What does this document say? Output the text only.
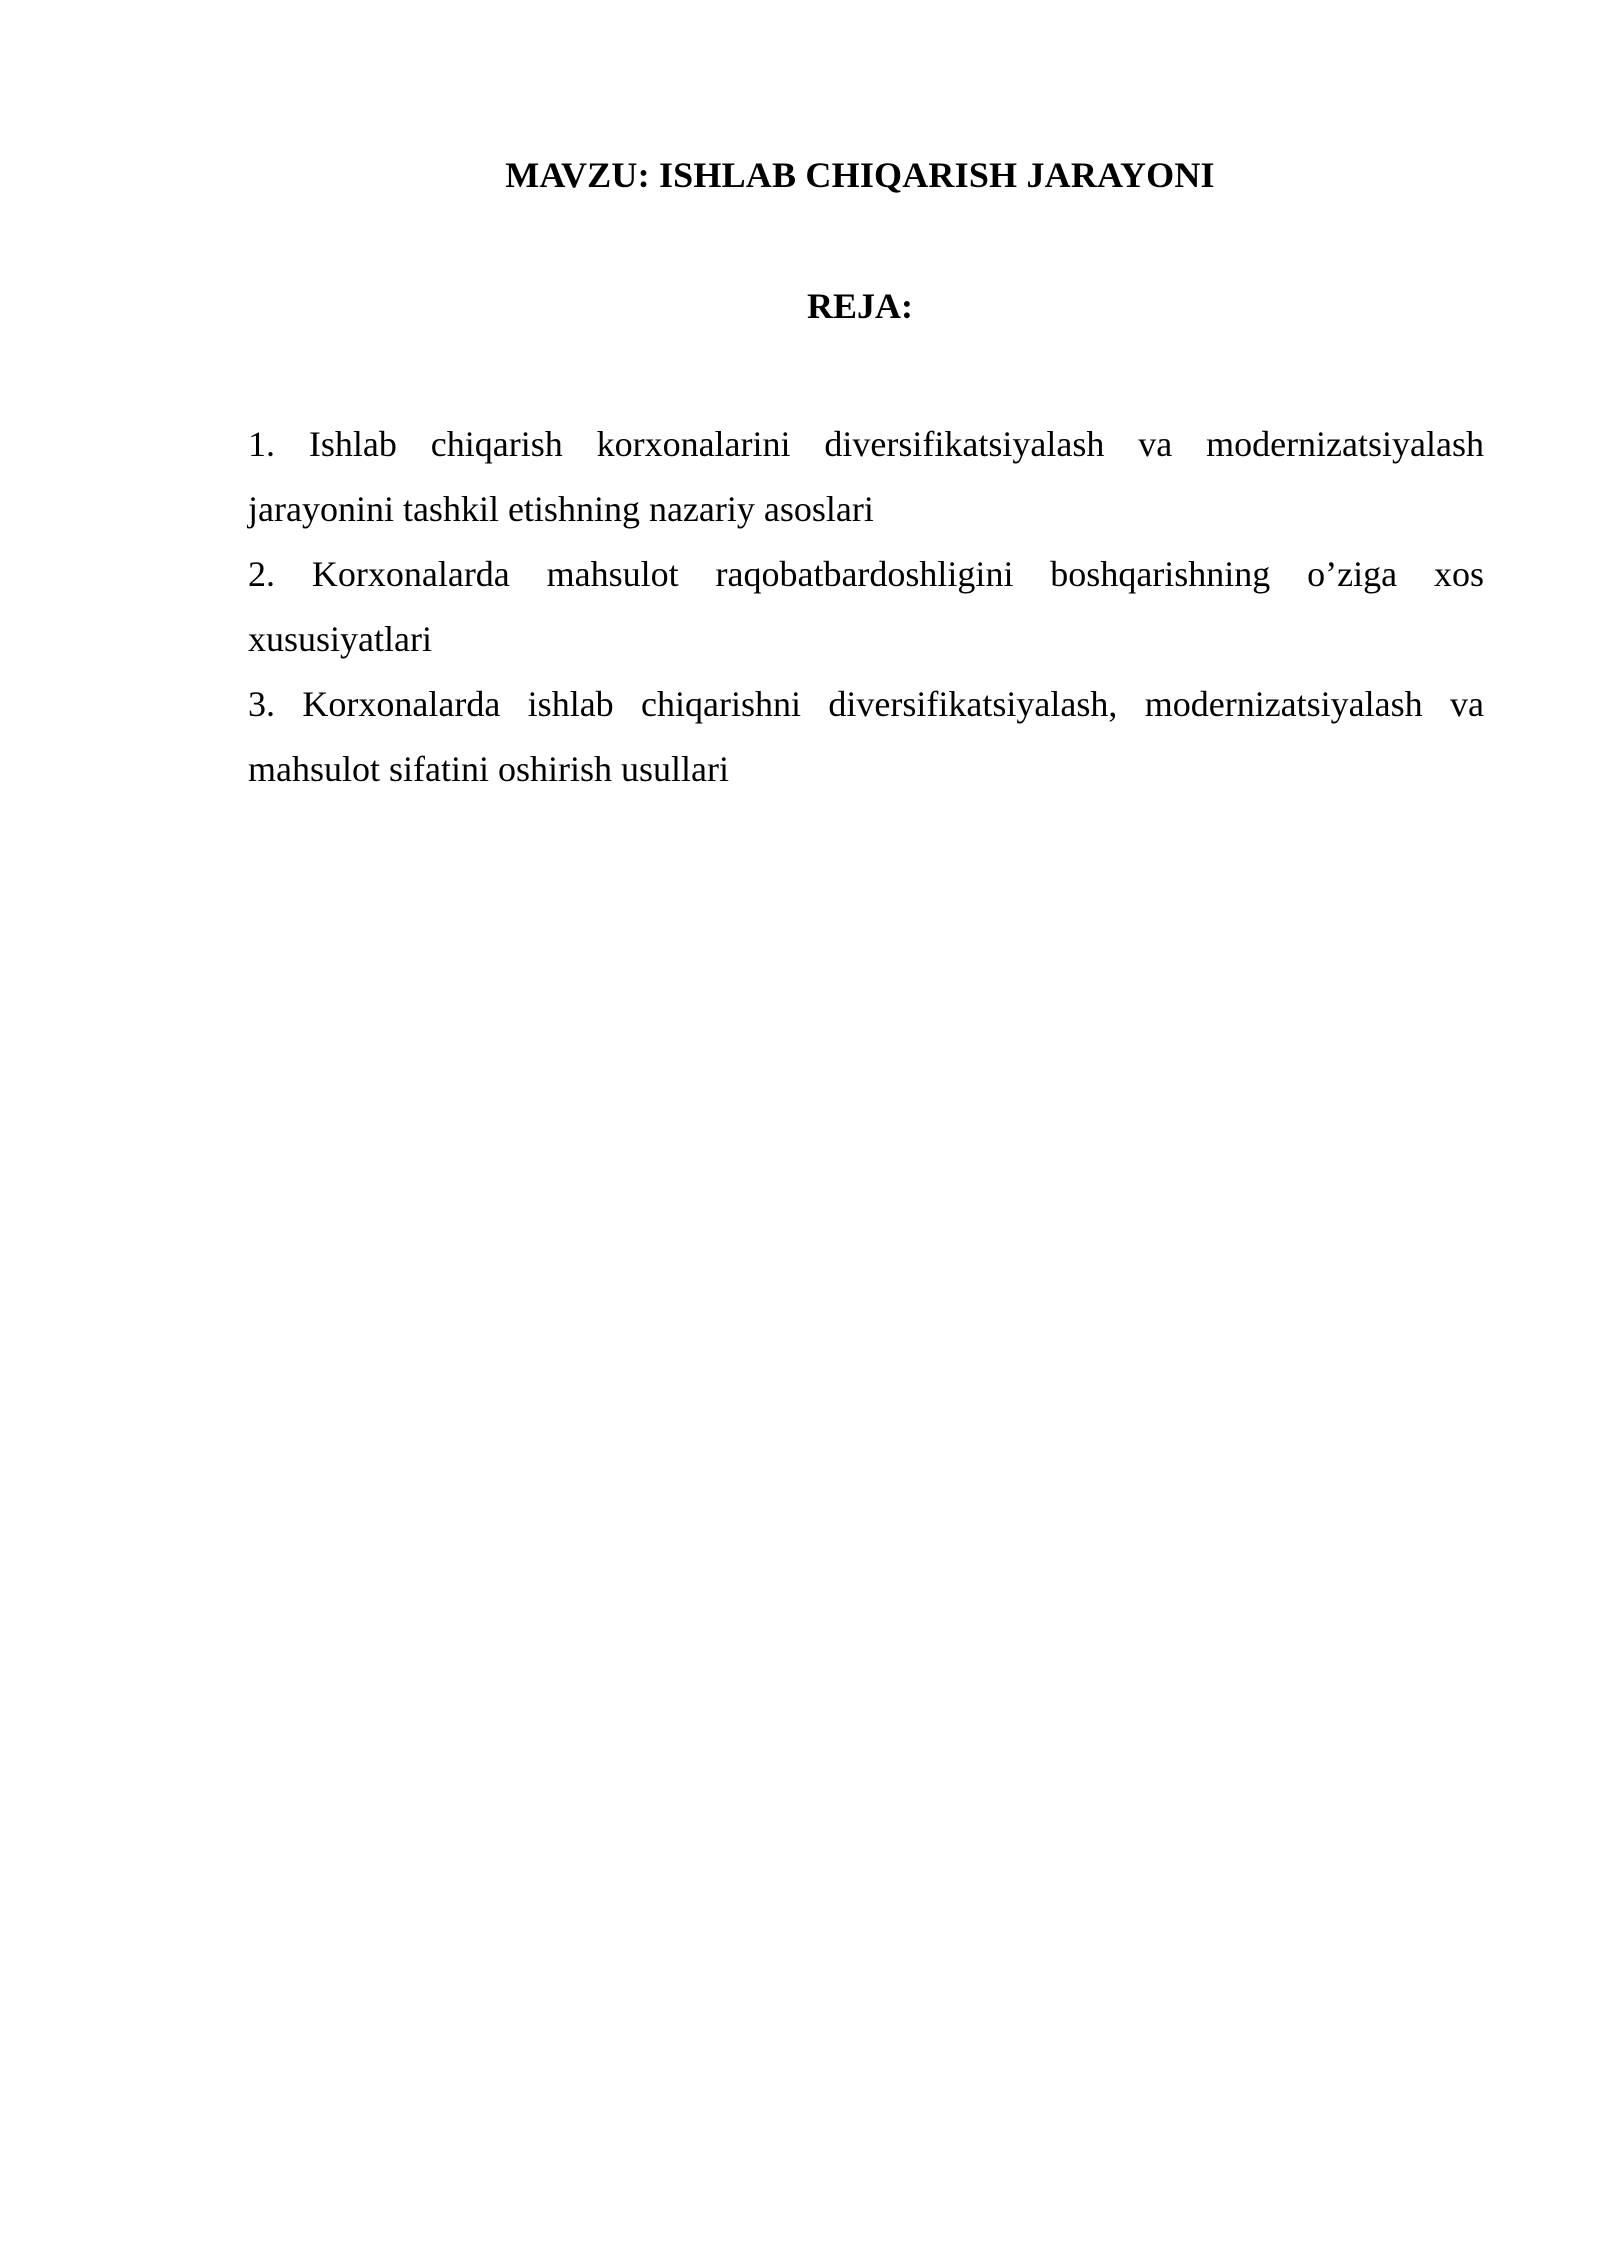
MAVZU: ISHLAB CHIQARISH JARAYONI
REJA:
1. Ishlab chiqarish korxonalarini diversifikatsiyalash va modernizatsiyalash jarayonini tashkil etishning nazariy asoslari
2. Korxonalarda mahsulot raqobatbardoshligini boshqarishning o’ziga xos xususiyatlari
3. Korxonalarda ishlab chiqarishni diversifikatsiyalash, modernizatsiyalash va mahsulot sifatini oshirish usullari
